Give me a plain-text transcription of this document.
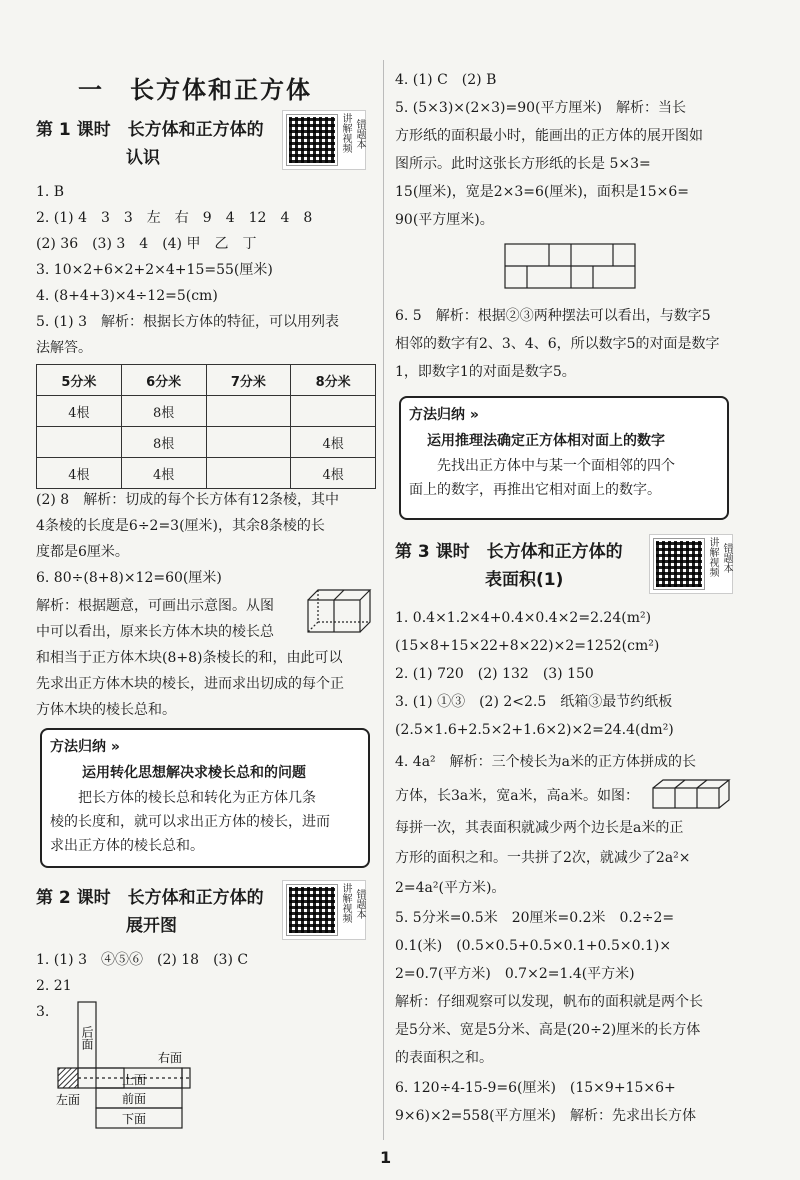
一　长方体和正方体
第 1 课时　长方体和正方体的
认识
讲解视频 错题本
1. B
2. (1) 4　3　3　左　右　9　4　12　4　8
(2) 36　(3) 3　4　(4) 甲　乙　丁
3. 10×2+6×2+2×4+15=55(厘米)
4. (8+4+3)×4÷12=5(cm)
5. (1) 3　解析：根据长方体的特征，可以用列表
法解答。
5分米	6分米	7分米	8分米
4根	8根		
	8根		4根
4根	4根		4根
(2) 8　解析：切成的每个长方体有12条棱，其中
4条棱的长度是6÷2=3(厘米)，其余8条棱的长
度都是6厘米。
6. 80÷(8+8)×12=60(厘米)
解析：根据题意，可画出示意图。从图
中可以看出，原来长方体木块的棱长总
和相当于正方体木块(8+8)条棱长的和，由此可以
先求出正方体木块的棱长，进而求出切成的每个正
方体木块的棱长总和。
方法归纳 »
运用转化思想解决求棱长总和的问题
　　把长方体的棱长总和转化为正方体几条
棱的长度和，就可以求出正方体的棱长，进而
求出正方体的棱长总和。
第 2 课时　长方体和正方体的
展开图
讲解视频 错题本
1. (1) 3　④⑤⑥　(2) 18　(3) C
2. 21
3.
后面
右面
上面
左面	前面
下面
4. (1) C　(2) B
5. (5×3)×(2×3)=90(平方厘米)　解析：当长
方形纸的面积最小时，能画出的正方体的展开图如
图所示。此时这张长方形纸的长是 5×3=
15(厘米)，宽是2×3=6(厘米)，面积是15×6=
90(平方厘米)。
6. 5　解析：根据②③两种摆法可以看出，与数字5
相邻的数字有2、3、4、6，所以数字5的对面是数字
1，即数字1的对面是数字5。
方法归纳 »
运用推理法确定正方体相对面上的数字
　　先找出正方体中与某一个面相邻的四个
面上的数字，再推出它相对面上的数字。
第 3 课时　长方体和正方体的
表面积(1)
讲解视频 错题本
1. 0.4×1.2×4+0.4×0.4×2=2.24(m²)
(15×8+15×22+8×22)×2=1252(cm²)
2. (1) 720　(2) 132　(3) 150
3. (1) ①③　(2) 2<2.5　纸箱③最节约纸板
(2.5×1.6+2.5×2+1.6×2)×2=24.4(dm²)
4. 4a²　解析：三个棱长为a米的正方体拼成的长
方体，长3a米，宽a米，高a米。如图：
每拼一次，其表面积就减少两个边长是a米的正
方形的面积之和。一共拼了2次，就减少了2a²×
2=4a²(平方米)。
5. 5分米=0.5米　20厘米=0.2米　0.2÷2=
0.1(米)　(0.5×0.5+0.5×0.1+0.5×0.1)×
2=0.7(平方米)　0.7×2=1.4(平方米)
解析：仔细观察可以发现，帆布的面积就是两个长
是5分米、宽是5分米、高是(20÷2)厘米的长方体
的表面积之和。
6. 120÷4-15-9=6(厘米)　(15×9+15×6+
9×6)×2=558(平方厘米)　解析：先求出长方体
1
